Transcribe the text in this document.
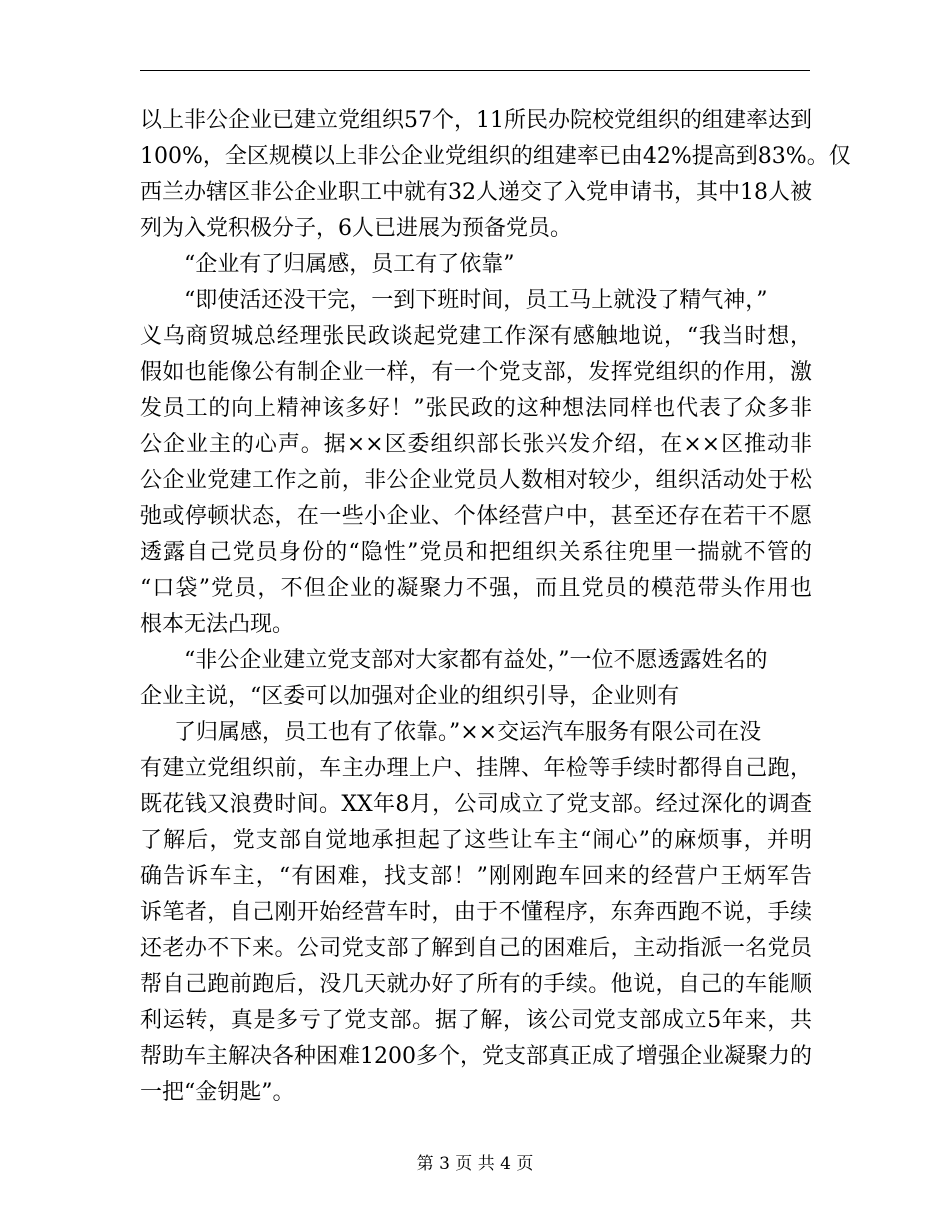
以上非公企业已建立党组织57个，11所民办院校党组织的组建率达到
100%，全区规模以上非公企业党组织的组建率已由42%提高到83%。仅
西兰办辖区非公企业职工中就有32人递交了入党申请书，其中18人被
列为入党积极分子，6人已进展为预备党员。
“企业有了归属感，员工有了依靠”
“即使活还没干完，一到下班时间，员工马上就没了精气神，”
义乌商贸城总经理张民政谈起党建工作深有感触地说，“我当时想，
假如也能像公有制企业一样，有一个党支部，发挥党组织的作用，激
发员工的向上精神该多好！”张民政的这种想法同样也代表了众多非
公企业主的心声。据××区委组织部长张兴发介绍，在××区推动非
公企业党建工作之前，非公企业党员人数相对较少，组织活动处于松
弛或停顿状态，在一些小企业、个体经营户中，甚至还存在若干不愿
透露自己党员身份的“隐性”党员和把组织关系往兜里一揣就不管的
“口袋”党员，不但企业的凝聚力不强，而且党员的模范带头作用也
根本无法凸现。
“非公企业建立党支部对大家都有益处，”一位不愿透露姓名的
企业主说，“区委可以加强对企业的组织引导，企业则有
了归属感，员工也有了依靠。”××交运汽车服务有限公司在没
有建立党组织前，车主办理上户、挂牌、年检等手续时都得自己跑，
既花钱又浪费时间。XX年8月，公司成立了党支部。经过深化的调查
了解后，党支部自觉地承担起了这些让车主“闹心”的麻烦事，并明
确告诉车主，“有困难，找支部！”刚刚跑车回来的经营户王炳军告
诉笔者，自己刚开始经营车时，由于不懂程序，东奔西跑不说，手续
还老办不下来。公司党支部了解到自己的困难后，主动指派一名党员
帮自己跑前跑后，没几天就办好了所有的手续。他说，自己的车能顺
利运转，真是多亏了党支部。据了解，该公司党支部成立5年来，共
帮助车主解决各种困难1200多个，党支部真正成了增强企业凝聚力的
一把“金钥匙”。
第 3 页 共 4 页
